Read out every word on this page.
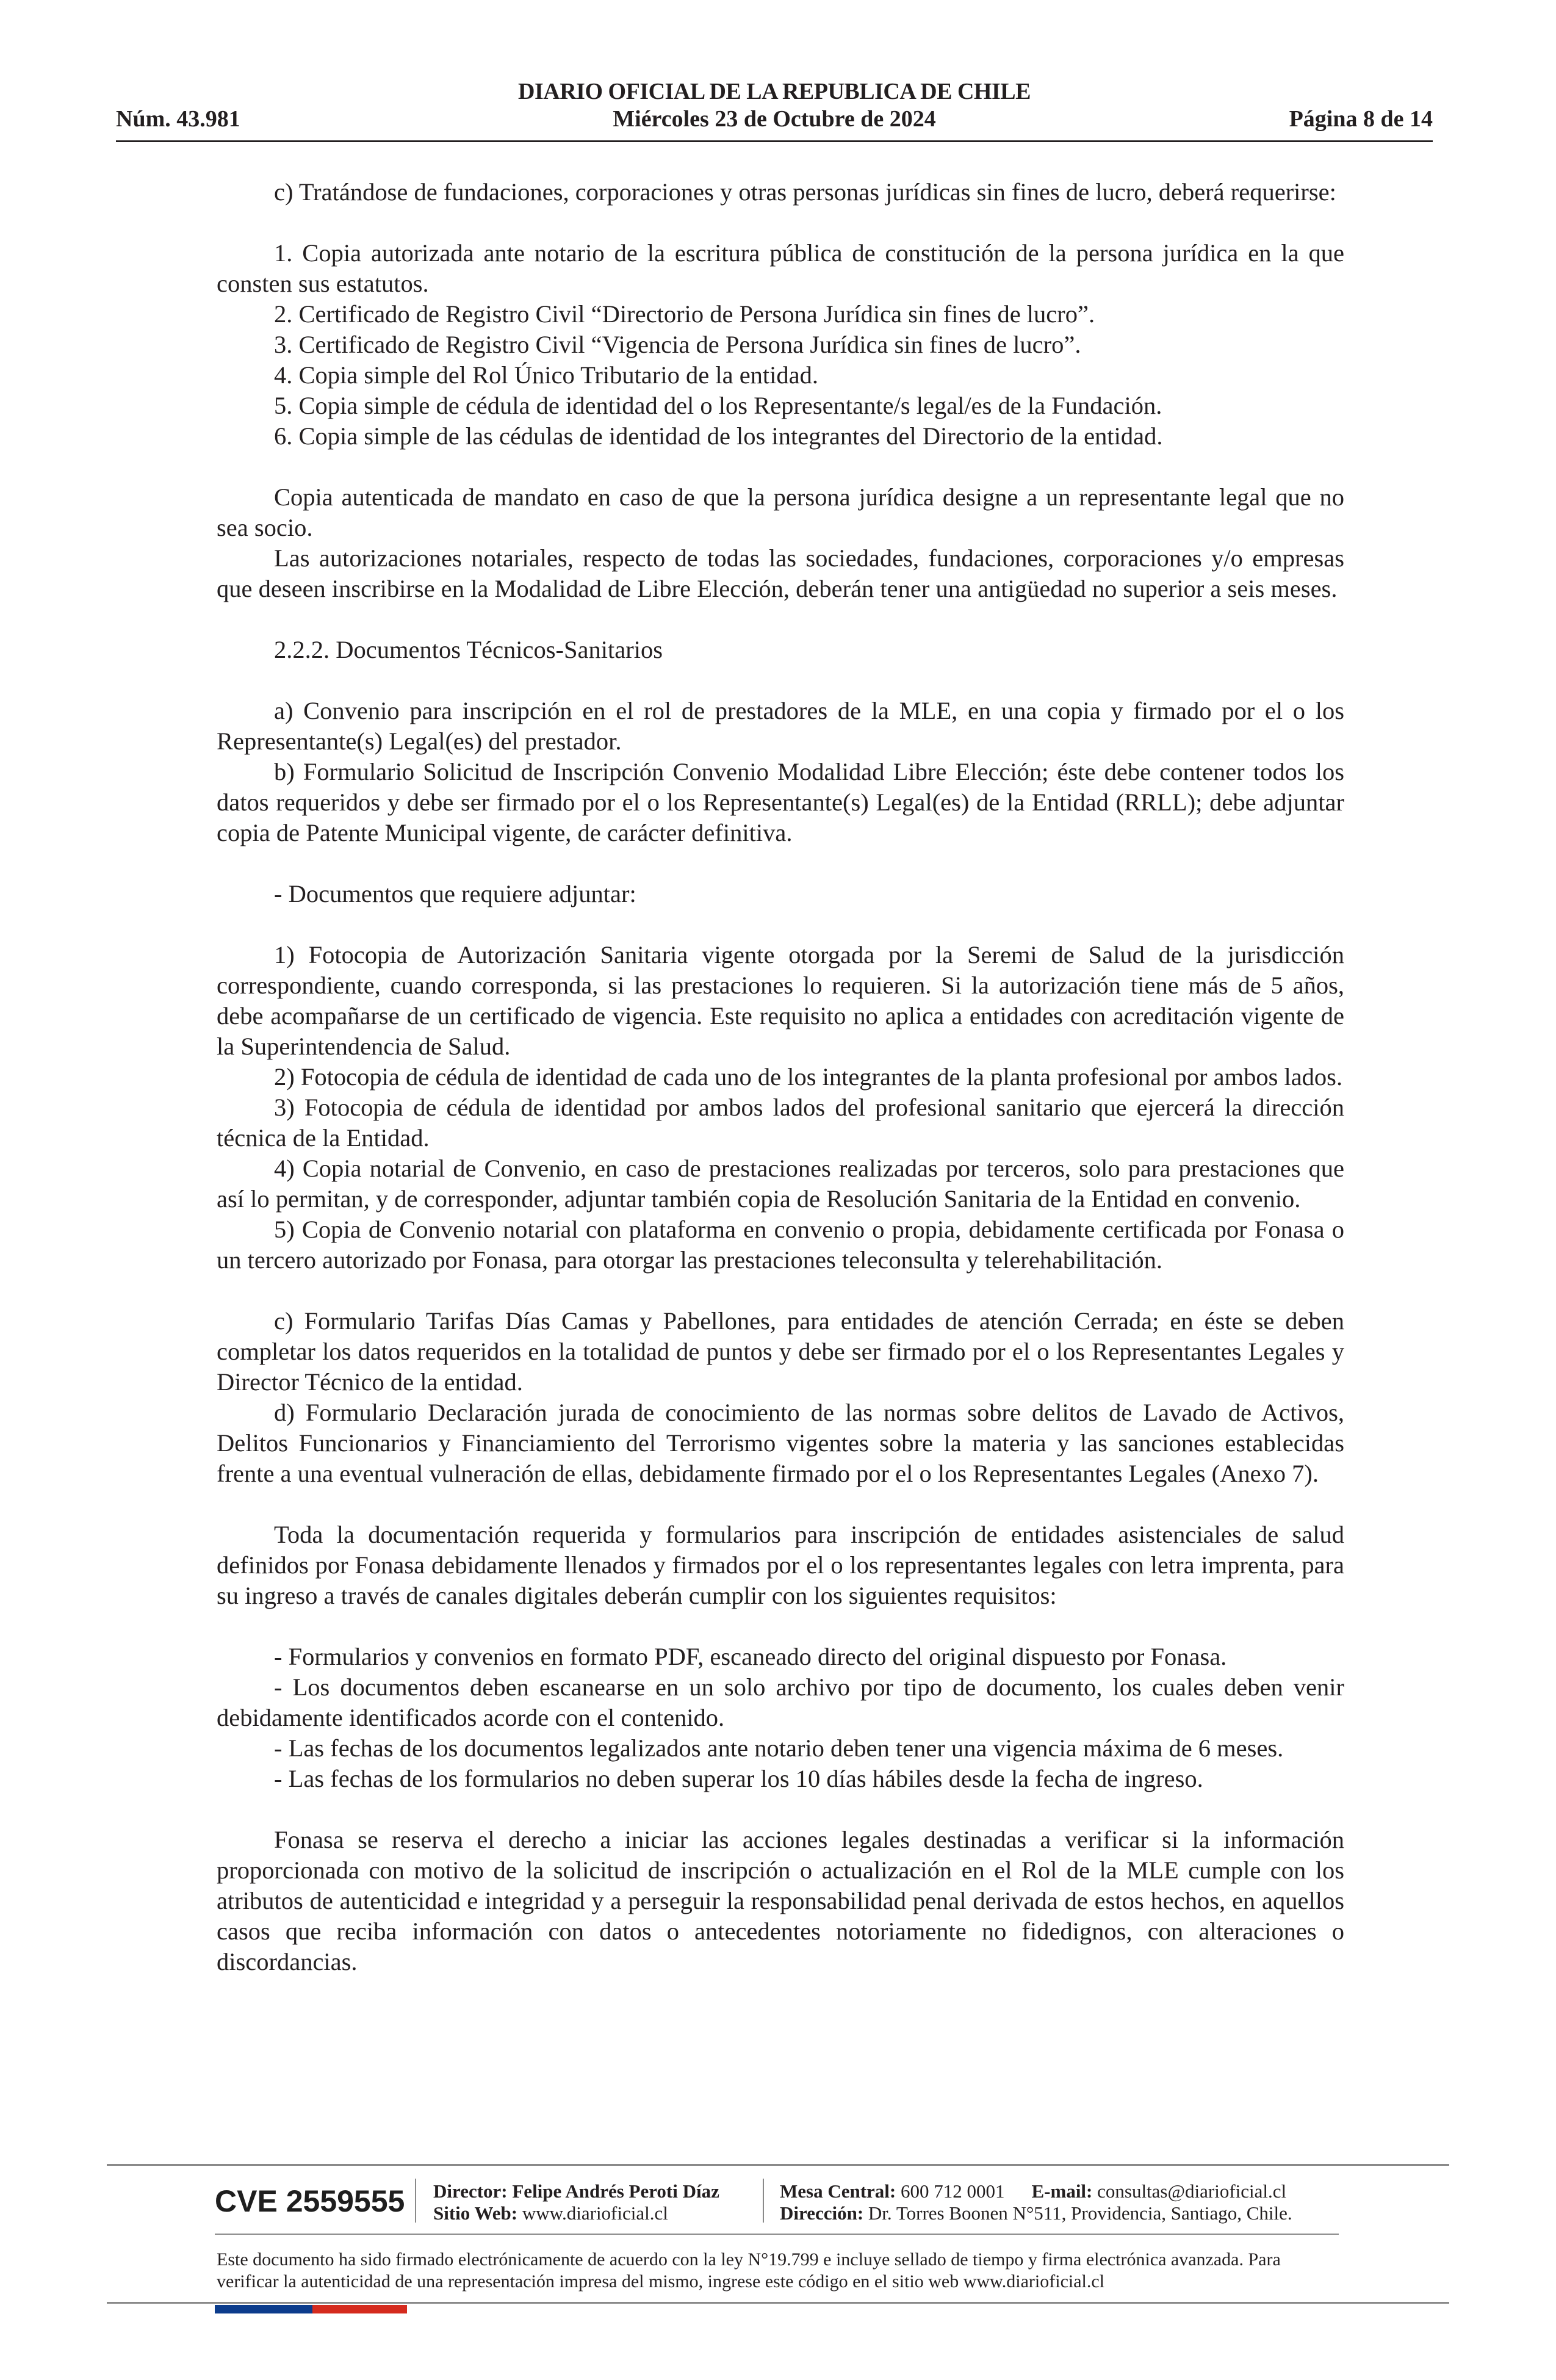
DIARIO OFICIAL DE LA REPUBLICA DE CHILE
Núm. 43.981	Miércoles 23 de Octubre de 2024	Página 8 de 14

c) Tratándose de fundaciones, corporaciones y otras personas jurídicas sin fines de lucro, deberá requerirse:

1. Copia autorizada ante notario de la escritura pública de constitución de la persona jurídica en la que consten sus estatutos.

2. Certificado de Registro Civil “Directorio de Persona Jurídica sin fines de lucro”.

3. Certificado de Registro Civil “Vigencia de Persona Jurídica sin fines de lucro”.

4. Copia simple del Rol Único Tributario de la entidad.

5. Copia simple de cédula de identidad del o los Representante/s legal/es de la Fundación.

6. Copia simple de las cédulas de identidad de los integrantes del Directorio de la entidad.

Copia autenticada de mandato en caso de que la persona jurídica designe a un representante legal que no sea socio.

Las autorizaciones notariales, respecto de todas las sociedades, fundaciones, corporaciones y/o empresas que deseen inscribirse en la Modalidad de Libre Elección, deberán tener una antigüedad no superior a seis meses.

2.2.2. Documentos Técnicos-Sanitarios

a) Convenio para inscripción en el rol de prestadores de la MLE, en una copia y firmado por el o los Representante(s) Legal(es) del prestador.

b) Formulario Solicitud de Inscripción Convenio Modalidad Libre Elección; éste debe contener todos los datos requeridos y debe ser firmado por el o los Representante(s) Legal(es) de la Entidad (RRLL); debe adjuntar copia de Patente Municipal vigente, de carácter definitiva.

- Documentos que requiere adjuntar:

1) Fotocopia de Autorización Sanitaria vigente otorgada por la Seremi de Salud de la jurisdicción correspondiente, cuando corresponda, si las prestaciones lo requieren. Si la autorización tiene más de 5 años, debe acompañarse de un certificado de vigencia. Este requisito no aplica a entidades con acreditación vigente de la Superintendencia de Salud.

2) Fotocopia de cédula de identidad de cada uno de los integrantes de la planta profesional por ambos lados.

3) Fotocopia de cédula de identidad por ambos lados del profesional sanitario que ejercerá la dirección técnica de la Entidad.

4) Copia notarial de Convenio, en caso de prestaciones realizadas por terceros, solo para prestaciones que así lo permitan, y de corresponder, adjuntar también copia de Resolución Sanitaria de la Entidad en convenio.

5) Copia de Convenio notarial con plataforma en convenio o propia, debidamente certificada por Fonasa o un tercero autorizado por Fonasa, para otorgar las prestaciones teleconsulta y telerehabilitación.

c) Formulario Tarifas Días Camas y Pabellones, para entidades de atención Cerrada; en éste se deben completar los datos requeridos en la totalidad de puntos y debe ser firmado por el o los Representantes Legales y Director Técnico de la entidad.

d) Formulario Declaración jurada de conocimiento de las normas sobre delitos de Lavado de Activos, Delitos Funcionarios y Financiamiento del Terrorismo vigentes sobre la materia y las sanciones establecidas frente a una eventual vulneración de ellas, debidamente firmado por el o los Representantes Legales (Anexo 7).

Toda la documentación requerida y formularios para inscripción de entidades asistenciales de salud definidos por Fonasa debidamente llenados y firmados por el o los representantes legales con letra imprenta, para su ingreso a través de canales digitales deberán cumplir con los siguientes requisitos:

- Formularios y convenios en formato PDF, escaneado directo del original dispuesto por Fonasa.

- Los documentos deben escanearse en un solo archivo por tipo de documento, los cuales deben venir debidamente identificados acorde con el contenido.

- Las fechas de los documentos legalizados ante notario deben tener una vigencia máxima de 6 meses.

- Las fechas de los formularios no deben superar los 10 días hábiles desde la fecha de ingreso.

Fonasa se reserva el derecho a iniciar las acciones legales destinadas a verificar si la información proporcionada con motivo de la solicitud de inscripción o actualización en el Rol de la MLE cumple con los atributos de autenticidad e integridad y a perseguir la responsabilidad penal derivada de estos hechos, en aquellos casos que reciba información con datos o antecedentes notoriamente no fidedignos, con alteraciones o discordancias.

CVE 2559555 Director: Felipe Andrés Peroti Díaz
Sitio Web: www.diarioficial.cl
Mesa Central: 600 712 0001 E-mail: consultas@diarioficial.cl
Dirección: Dr. Torres Boonen N°511, Providencia, Santiago, Chile.
Este documento ha sido firmado electrónicamente de acuerdo con la ley N°19.799 e incluye sellado de tiempo y firma electrónica avanzada. Para verificar la autenticidad de una representación impresa del mismo, ingrese este código en el sitio web www.diarioficial.cl
